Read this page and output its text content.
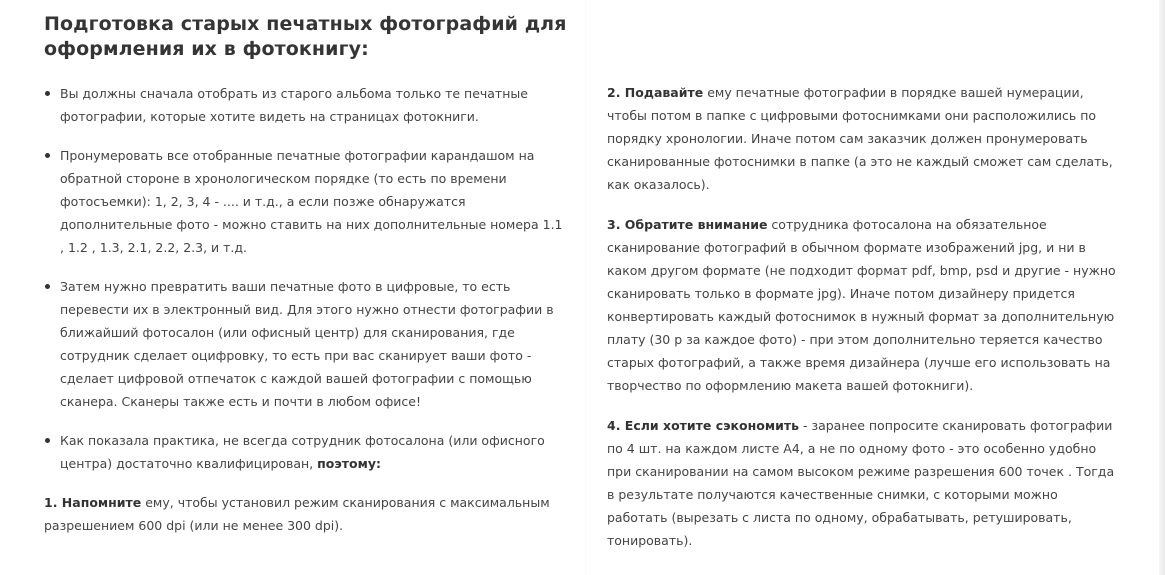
Подготовка старых печатных фотографий для оформления их в фотокнигу:
Вы должны сначала отобрать из старого альбома только те печатные фотографии, которые хотите видеть на страницах фотокниги.
Пронумеровать все отобранные печатные фотографии карандашом на обратной стороне в хронологическом порядке (то есть по времени фотосъемки): 1, 2, 3, 4 - .... и т.д., а если позже обнаружатся дополнительные фото - можно ставить на них дополнительные номера 1.1 , 1.2 , 1.3, 2.1, 2.2, 2.3, и т.д.
Затем нужно превратить ваши печатные фото в цифровые, то есть перевести их в электронный вид. Для этого нужно отнести фотографии в ближайший фотосалон (или офисный центр) для сканирования, где сотрудник сделает оцифровку, то есть при вас сканирует ваши фото - сделает цифровой отпечаток с каждой вашей фотографии с помощью сканера. Сканеры также есть и почти в любом офисе!
Как показала практика, не всегда сотрудник фотосалона (или офисного центра) достаточно квалифицирован, поэтому:
1. Напомните ему, чтобы установил режим сканирования с максимальным разрешением 600 dpi (или не менее 300 dpi).
2. Подавайте ему печатные фотографии в порядке вашей нумерации, чтобы потом в папке с цифровыми фотоснимками они расположились по порядку хронологии. Иначе потом сам заказчик должен пронумеровать сканированные фотоснимки в папке (а это не каждый сможет сам сделать, как оказалось).
3. Обратите внимание сотрудника фотосалона на обязательное сканирование фотографий в обычном формате изображений jpg, и ни в каком другом формате (не подходит формат pdf, bmp, psd и другие - нужно сканировать только в формате jpg). Иначе потом дизайнеру придется конвертировать каждый фотоснимок в нужный формат за дополнительную плату (30 р за каждое фото) - при этом дополнительно теряется качество старых фотографий, а также время дизайнера (лучше его использовать на творчество по оформлению макета вашей фотокниги).
4. Если хотите сэкономить - заранее попросите сканировать фотографии по 4 шт. на каждом листе А4, а не по одному фото - это особенно удобно при сканировании на самом высоком режиме разрешения 600 точек . Тогда в результате получаются качественные снимки, с которыми можно работать (вырезать с листа по одному, обрабатывать, ретушировать, тонировать).
